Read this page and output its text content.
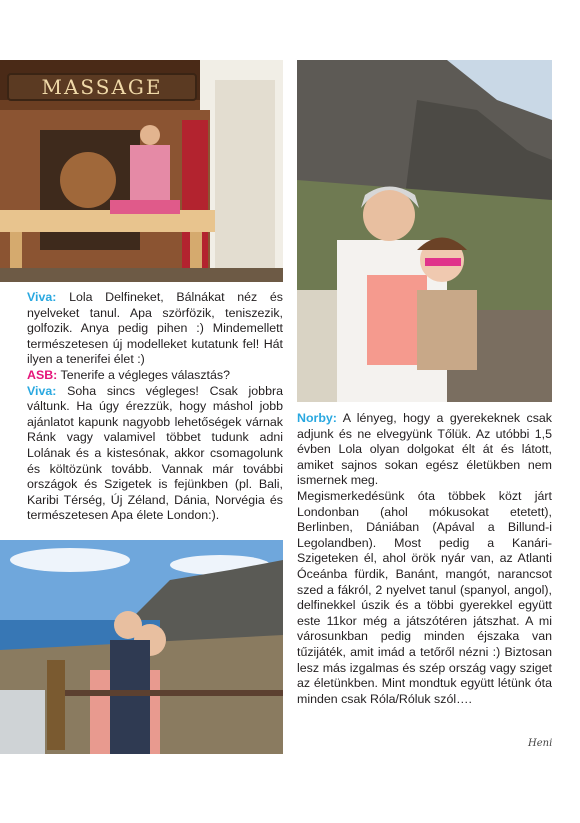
MASSAGE

Viva: Lola Delfineket, Bálnákat néz és nyelveket tanul. Apa szörfözik, teniszezik, golfozik. Anya pedig pihen :) Mindemellett természetesen új modelleket kutatunk fel! Hát ilyen a tenerifei élet :)

ASB: Tenerife a végleges választás?

Viva: Soha sincs végleges! Csak jobbra váltunk. Ha úgy érezzük, hogy máshol jobb ajánlatot kapunk nagyobb lehetőségek várnak Ránk vagy valamivel többet tudunk adni Lolának és a kistesónak, akkor csomagolunk és költözünk tovább. Vannak már további országok és Szigetek is fejünkben (pl. Bali, Karibi Térség, Új Zéland, Dánia, Norvégia és természetesen Apa élete London:).

Norby: A lényeg, hogy a gyerekeknek csak adjunk és ne elvegyünk Tőlük. Az utóbbi 1,5 évben Lola olyan dolgokat élt át és látott, amiket sajnos sokan egész életükben nem ismernek meg.

Megismerkedésünk óta többek közt járt Londonban (ahol mókusokat etetett), Berlinben, Dániában (Apával a Billund-i Legolandben). Most pedig a Kanári-Szigeteken él, ahol örök nyár van, az Atlanti Óceánba fürdik, Banánt, mangót, narancsot szed a fákról, 2 nyelvet tanul (spanyol, angol), delfinekkel úszik és a többi gyerekkel együtt este 11kor még a játszótéren játszhat. A mi városunkban pedig minden éjszaka van tűzijáték, amit imád a tetőről nézni :) Biztosan lesz más izgalmas és szép ország vagy sziget az életünkben. Mint mondtuk együtt létünk óta minden csak Róla/Róluk szól….

Heni
